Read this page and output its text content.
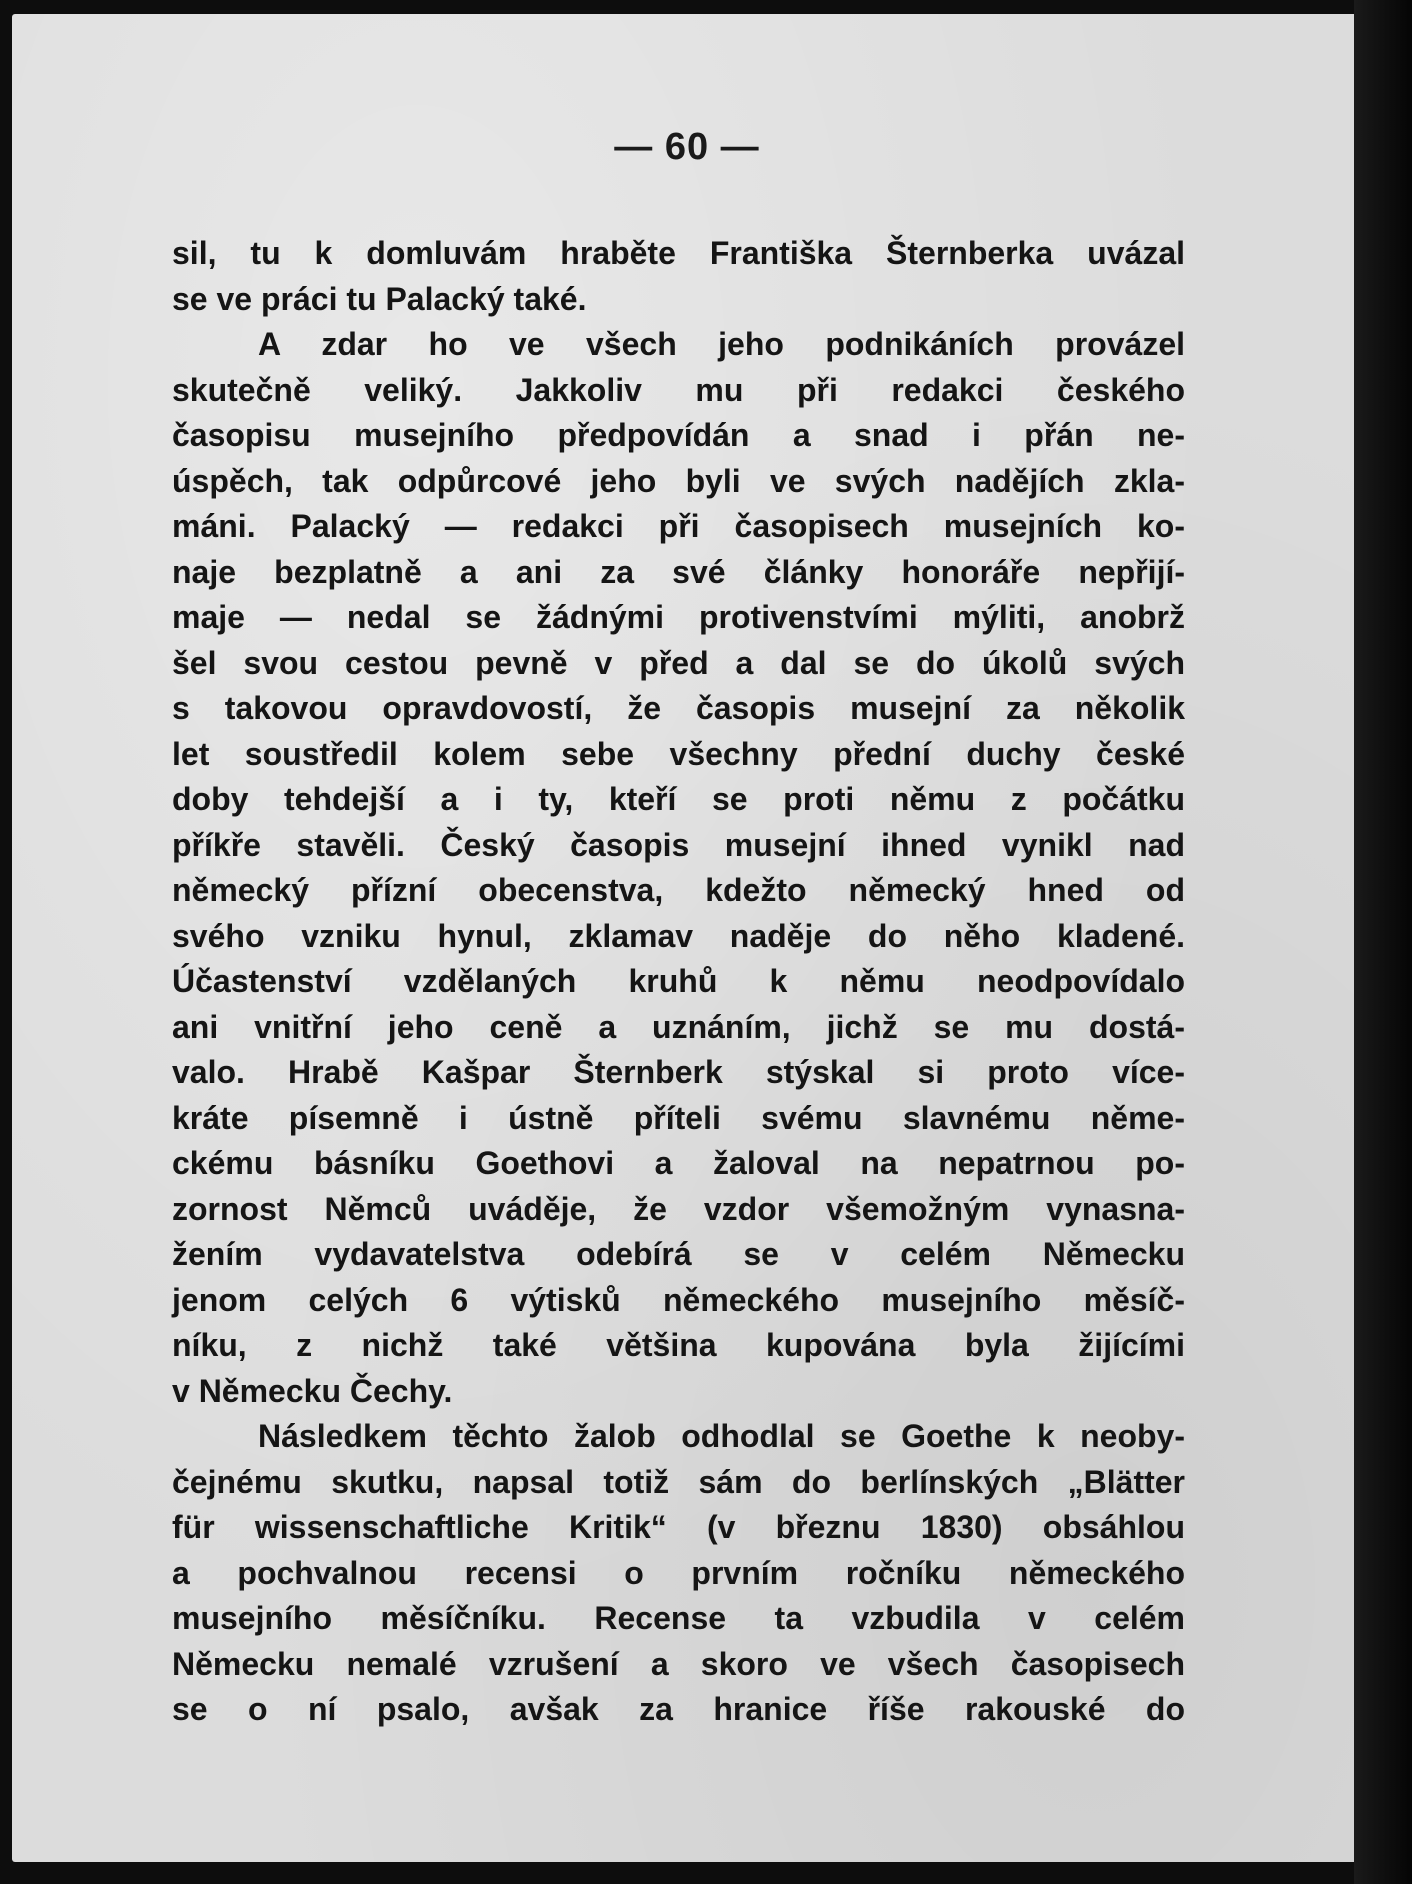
— 60 —
sil, tu k domluvám hraběte Františka Šternberka uvázal
se ve práci tu Palacký také.
A zdar ho ve všech jeho podnikáních provázel
skutečně veliký. Jakkoliv mu při redakci českého
časopisu musejního předpovídán a snad i přán ne-
úspěch, tak odpůrcové jeho byli ve svých nadějích zkla-
máni. Palacký — redakci při časopisech musejních ko-
naje bezplatně a ani za své články honoráře nepřijí-
maje — nedal se žádnými protivenstvími mýliti, anobrž
šel svou cestou pevně v před a dal se do úkolů svých
s takovou opravdovostí, že časopis musejní za několik
let soustředil kolem sebe všechny přední duchy české
doby tehdejší a i ty, kteří se proti němu z počátku
příkře stavěli. Český časopis musejní ihned vynikl nad
německý přízní obecenstva, kdežto německý hned od
svého vzniku hynul, zklamav naděje do něho kladené.
Účastenství vzdělaných kruhů k němu neodpovídalo
ani vnitřní jeho ceně a uznáním, jichž se mu dostá-
valo. Hrabě Kašpar Šternberk stýskal si proto více-
kráte písemně i ústně příteli svému slavnému něme-
ckému básníku Goethovi a žaloval na nepatrnou po-
zornost Němců uváděje, že vzdor všemožným vynasna-
žením vydavatelstva odebírá se v celém Německu
jenom celých 6 výtisků německého musejního měsíč-
níku, z nichž také většina kupována byla žijícími
v Německu Čechy.
Následkem těchto žalob odhodlal se Goethe k neoby-
čejnému skutku, napsal totiž sám do berlínských „Blätter
für wissenschaftliche Kritik“ (v březnu 1830) obsáhlou
a pochvalnou recensi o prvním ročníku německého
musejního měsíčníku. Recense ta vzbudila v celém
Německu nemalé vzrušení a skoro ve všech časopisech
se o ní psalo, avšak za hranice říše rakouské do
